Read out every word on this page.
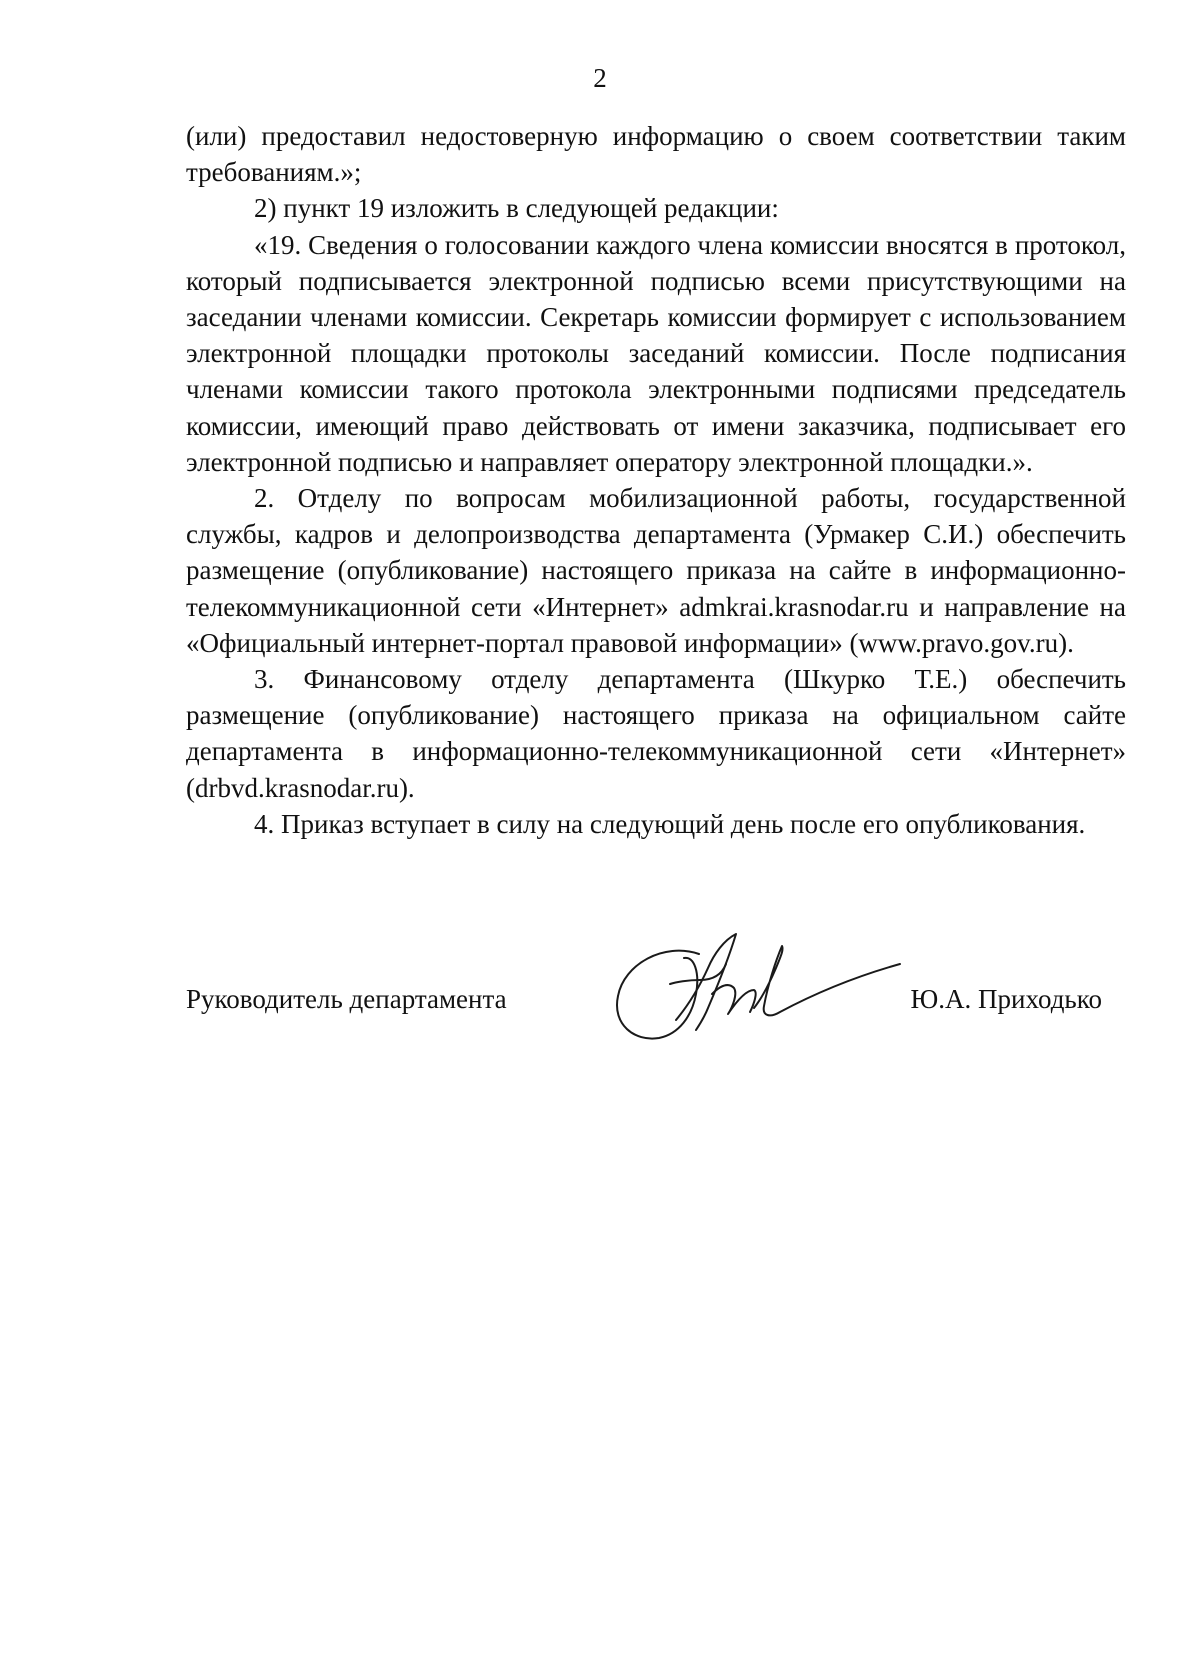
2

(или) предоставил недостоверную информацию о своем соответствии таким требованиям.»;

2) пункт 19 изложить в следующей редакции:

«19. Сведения о голосовании каждого члена комиссии вносятся в протокол, который подписывается электронной подписью всеми присутствующими на заседании членами комиссии. Секретарь комиссии формирует с использованием электронной площадки протоколы заседаний комиссии. После подписания членами комиссии такого протокола электронными подписями председатель комиссии, имеющий право действовать от имени заказчика, подписывает его электронной подписью и направляет оператору электронной площадки.».

2. Отделу по вопросам мобилизационной работы, государственной службы, кадров и делопроизводства департамента (Урмакер С.И.) обеспечить размещение (опубликование) настоящего приказа на сайте в информационно-телекоммуникационной сети «Интернет» admkrai.krasnodar.ru и направление на «Официальный интернет-портал правовой информации» (www.pravo.gov.ru).

3. Финансовому отделу департамента (Шкурко Т.Е.) обеспечить размещение (опубликование) настоящего приказа на официальном сайте департамента в информационно-телекоммуникационной сети «Интернет» (drbvd.krasnodar.ru).

4. Приказ вступает в силу на следующий день после его опубликования.

Руководитель департамента	Ю.А. Приходько
